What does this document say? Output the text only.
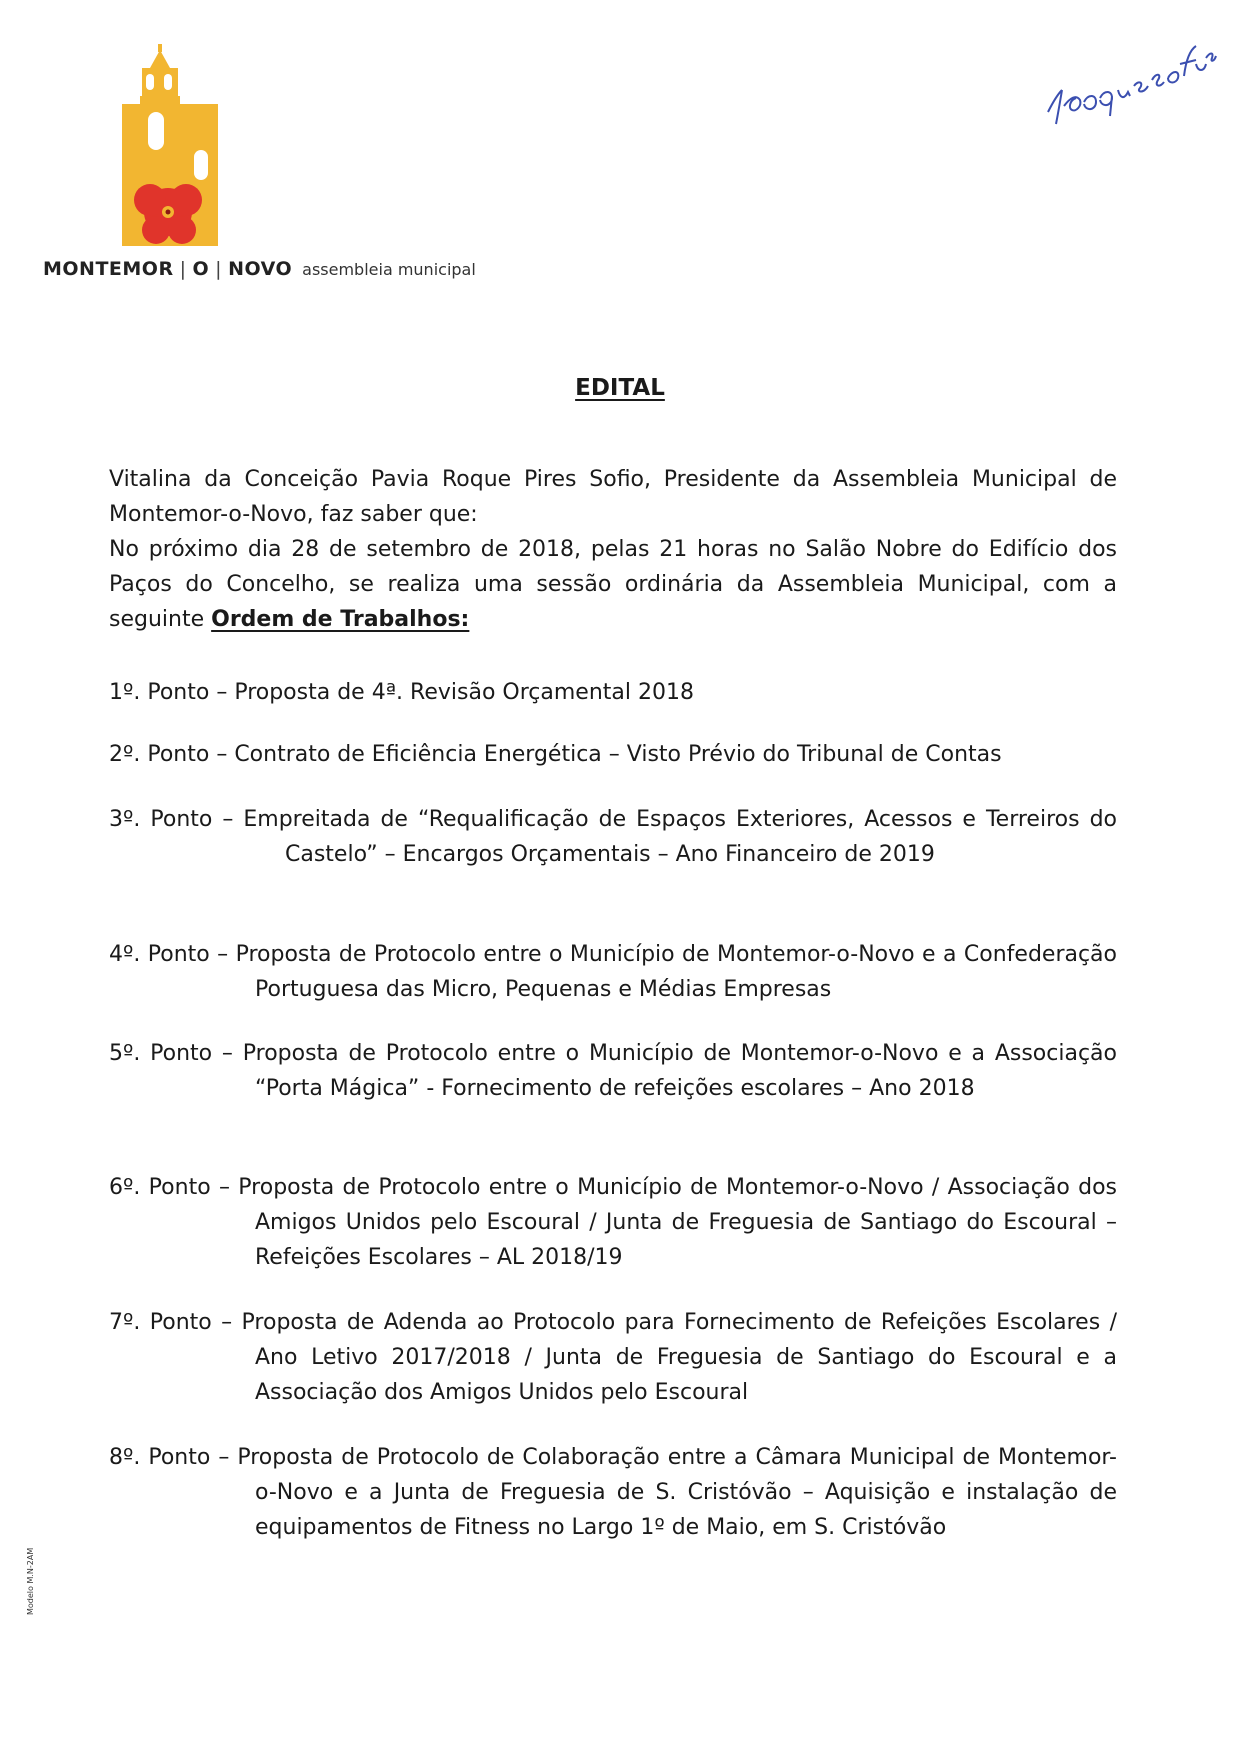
MONTEMOR | O | NOVO assembleia municipal
EDITAL

Vitalina da Conceição Pavia Roque Pires Sofio, Presidente da Assembleia Municipal de Montemor-o-Novo, faz saber que:

No próximo dia 28 de setembro de 2018, pelas 21 horas no Salão Nobre do Edifício dos Paços do Concelho, se realiza uma sessão ordinária da Assembleia Municipal, com a seguinte Ordem de Trabalhos:

1º. Ponto – Proposta de 4ª. Revisão Orçamental 2018
2º. Ponto – Contrato de Eficiência Energética – Visto Prévio do Tribunal de Contas
3º. Ponto – Empreitada de “Requalificação de Espaços Exteriores, Acessos e Terreiros do Castelo” – Encargos Orçamentais – Ano Financeiro de 2019
4º. Ponto – Proposta de Protocolo entre o Município de Montemor-o-Novo e a Confederação Portuguesa das Micro, Pequenas e Médias Empresas
5º. Ponto – Proposta de Protocolo entre o Município de Montemor-o-Novo e a Associação “Porta Mágica” - Fornecimento de refeições escolares – Ano 2018
6º. Ponto – Proposta de Protocolo entre o Município de Montemor-o-Novo / Associação dos Amigos Unidos pelo Escoural / Junta de Freguesia de Santiago do Escoural – Refeições Escolares – AL 2018/19
7º. Ponto – Proposta de Adenda ao Protocolo para Fornecimento de Refeições Escolares / Ano Letivo 2017/2018 / Junta de Freguesia de Santiago do Escoural e a Associação dos Amigos Unidos pelo Escoural
8º. Ponto – Proposta de Protocolo de Colaboração entre a Câmara Municipal de Montemor-o-Novo e a Junta de Freguesia de S. Cristóvão – Aquisição e instalação de equipamentos de Fitness no Largo 1º de Maio, em S. Cristóvão
Modelo M.N-2AM
